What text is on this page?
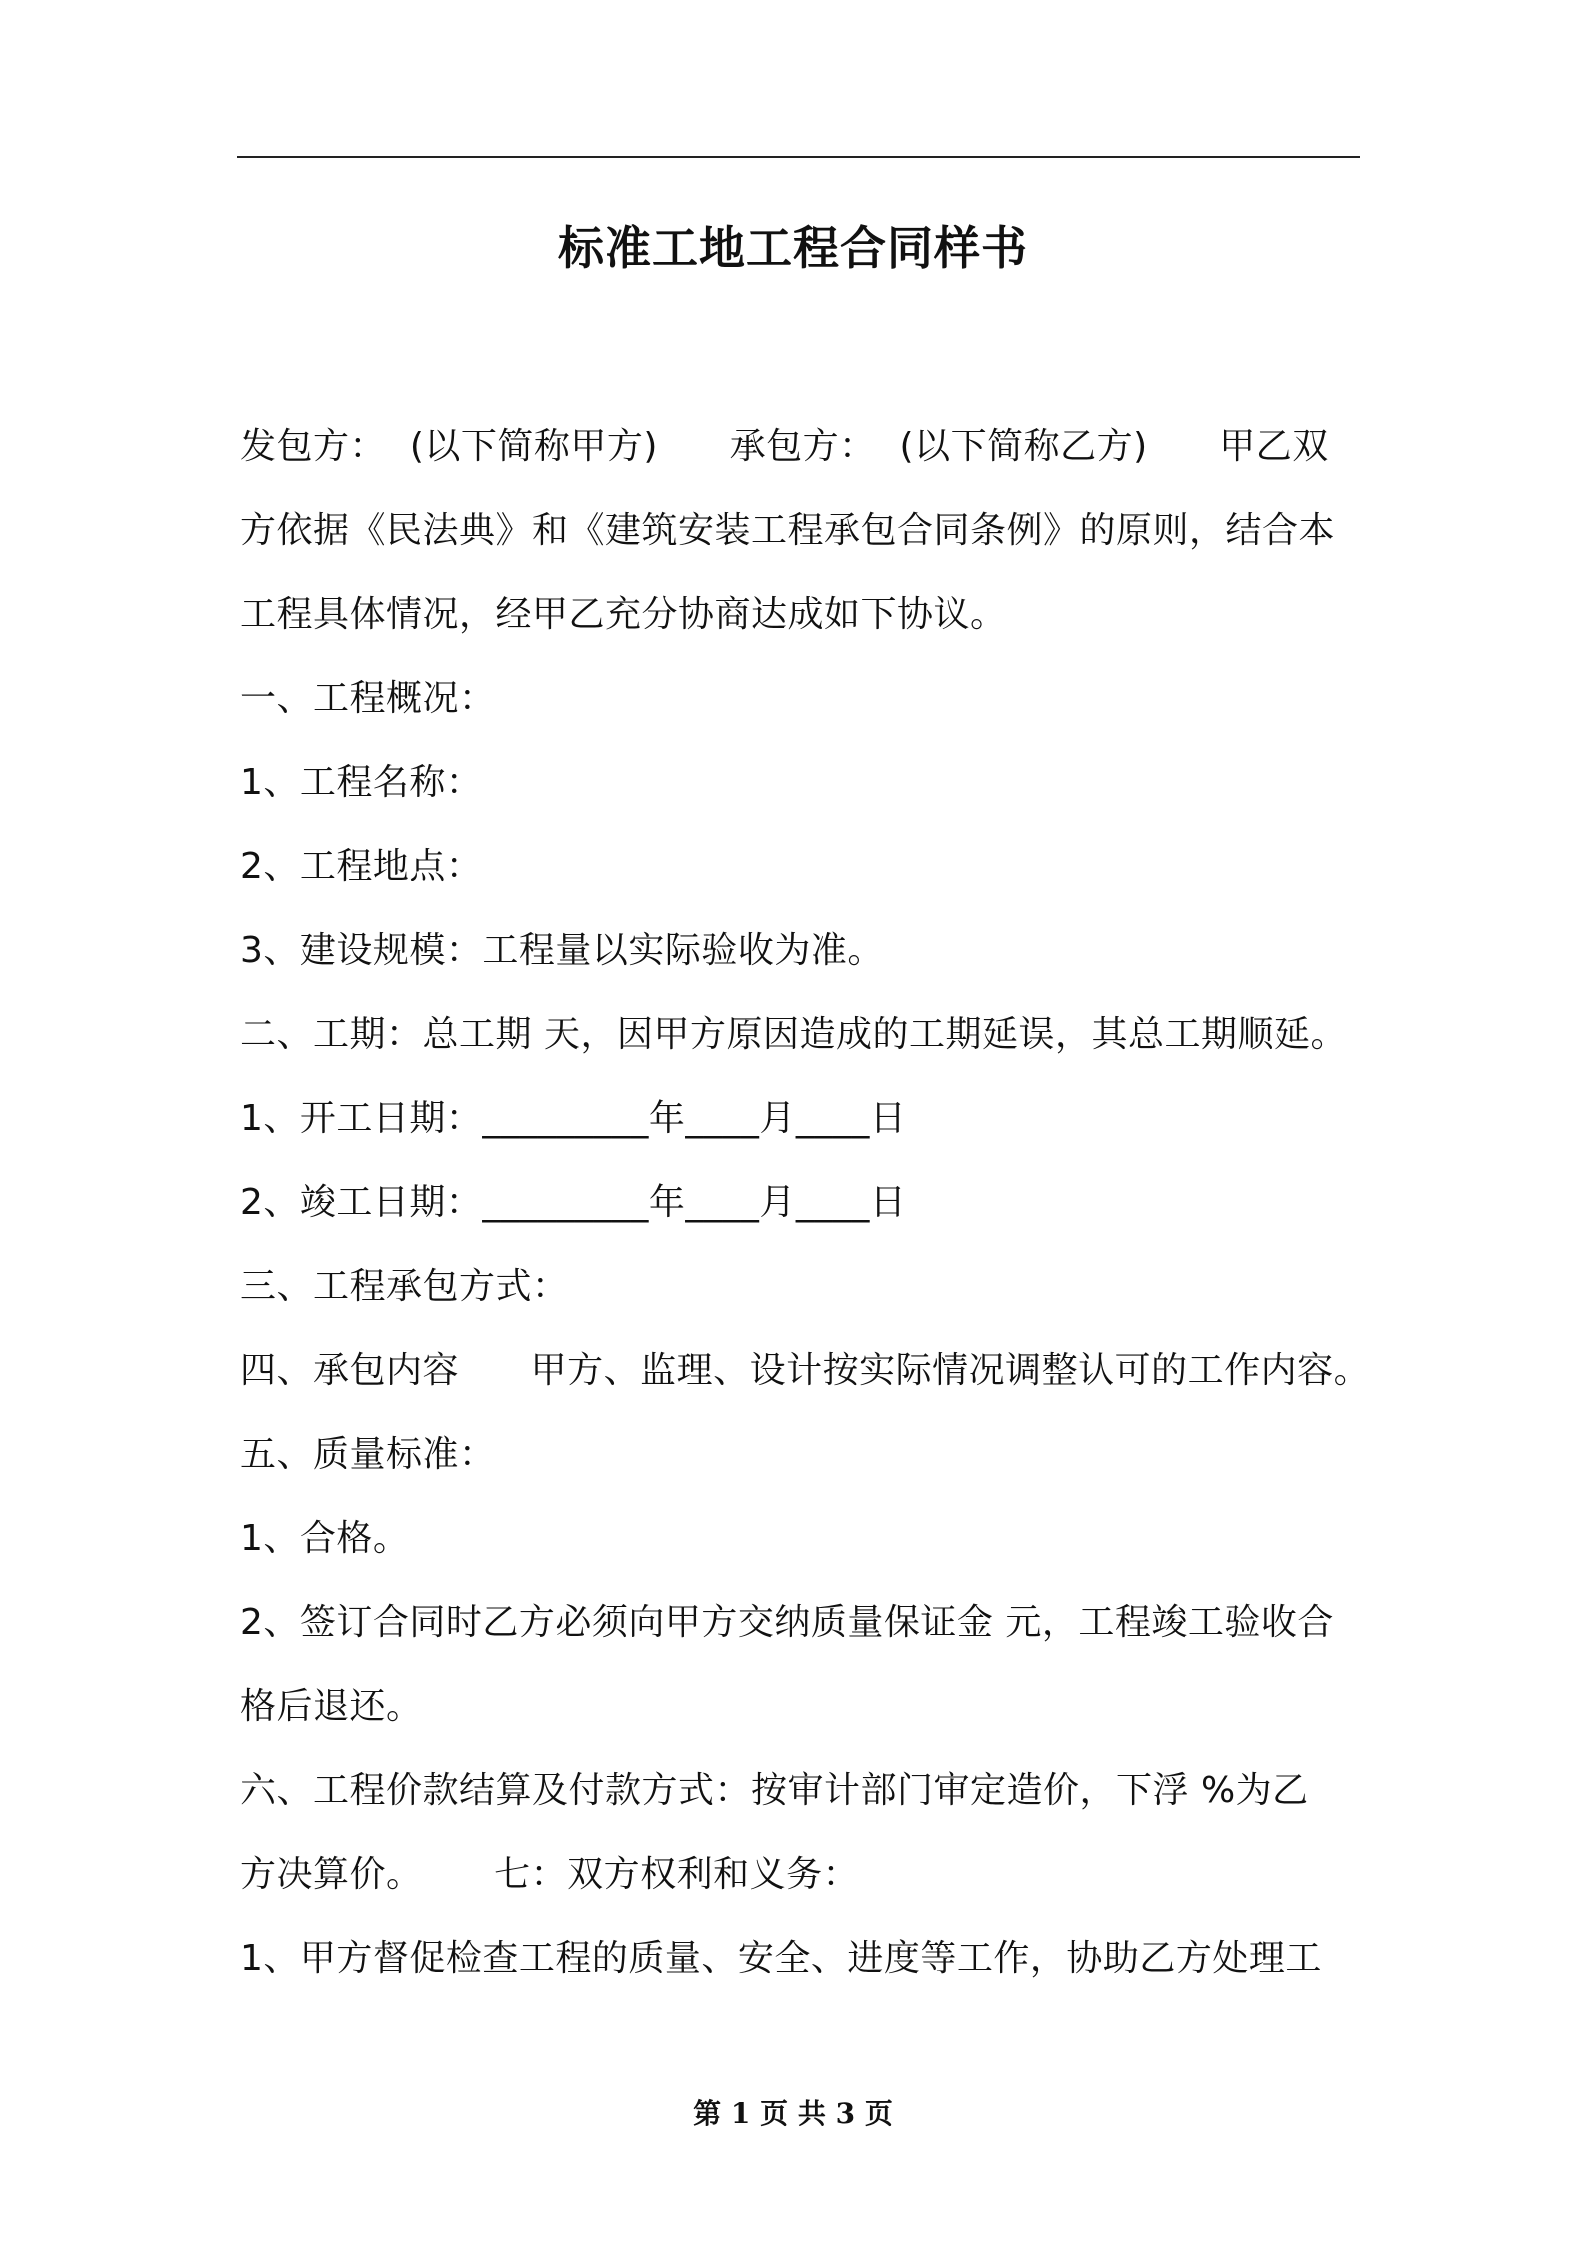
标准工地工程合同样书
发包方：  (以下简称甲方)      承包方：  (以下简称乙方)      甲乙双
方依据《民法典》和《建筑安装工程承包合同条例》的原则，结合本
工程具体情况，经甲乙充分协商达成如下协议。
一、工程概况：
1、工程名称：
2、工程地点：
3、建设规模：工程量以实际验收为准。
二、工期：总工期 天，因甲方原因造成的工期延误，其总工期顺延。
1、开工日期：_________年____月____日
2、竣工日期：_________年____月____日
三、工程承包方式：
四、承包内容      甲方、监理、设计按实际情况调整认可的工作内容。
五、质量标准：
1、合格。
2、签订合同时乙方必须向甲方交纳质量保证金 元，工程竣工验收合
格后退还。
六、工程价款结算及付款方式：按审计部门审定造价，下浮 %为乙
方决算价。      七：双方权利和义务：
1、甲方督促检查工程的质量、安全、进度等工作，协助乙方处理工
第 1 页 共 3 页
